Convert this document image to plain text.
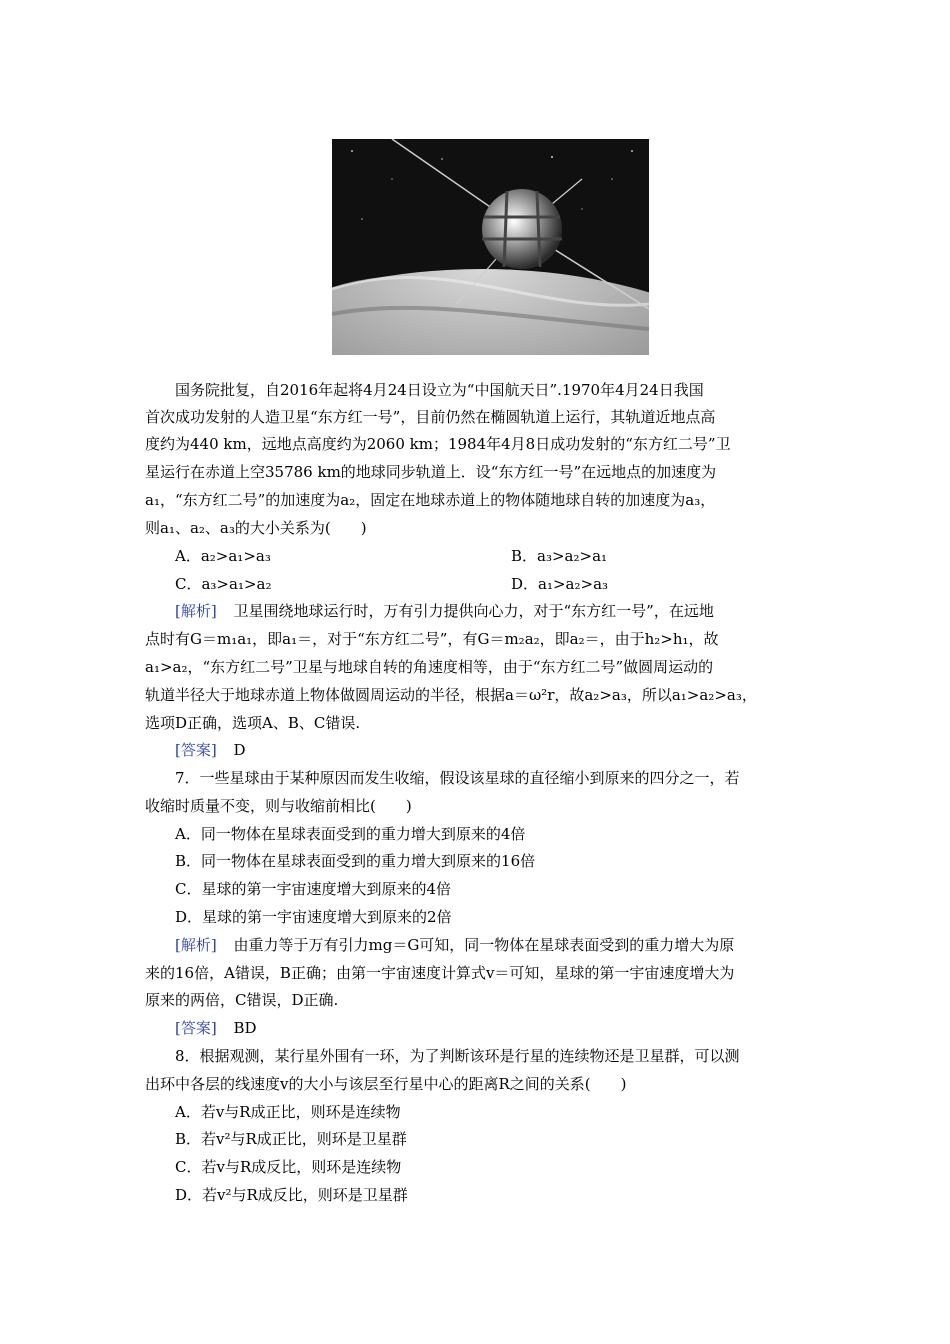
国务院批复，自2016年起将4月24日设立为“中国航天日”.1970年4月24日我国
首次成功发射的人造卫星“东方红一号”，目前仍然在椭圆轨道上运行，其轨道近地点高
度约为440 km，远地点高度约为2060 km；1984年4月8日成功发射的“东方红二号”卫
星运行在赤道上空35786 km的地球同步轨道上．设“东方红一号”在远地点的加速度为
a₁，“东方红二号”的加速度为a₂，固定在地球赤道上的物体随地球自转的加速度为a₃，
则a₁、a₂、a₃的大小关系为(　　)
A．a₂>a₁>a₃	B．a₃>a₂>a₁
C．a₃>a₁>a₂	D．a₁>a₂>a₃
[解析] 卫星围绕地球运行时，万有引力提供向心力，对于“东方红一号”，在远地
点时有G＝m₁a₁，即a₁＝，对于“东方红二号”，有G＝m₂a₂，即a₂＝，由于h₂>h₁，故
a₁>a₂，“东方红二号”卫星与地球自转的角速度相等，由于“东方红二号”做圆周运动的
轨道半径大于地球赤道上物体做圆周运动的半径，根据a＝ω²r，故a₂>a₃，所以a₁>a₂>a₃，
选项D正确，选项A、B、C错误.
[答案] D
7．一些星球由于某种原因而发生收缩，假设该星球的直径缩小到原来的四分之一，若
收缩时质量不变，则与收缩前相比(　　)
A．同一物体在星球表面受到的重力增大到原来的4倍
B．同一物体在星球表面受到的重力增大到原来的16倍
C．星球的第一宇宙速度增大到原来的4倍
D．星球的第一宇宙速度增大到原来的2倍
[解析] 由重力等于万有引力mg＝G可知，同一物体在星球表面受到的重力增大为原
来的16倍，A错误，B正确；由第一宇宙速度计算式v＝可知，星球的第一宇宙速度增大为
原来的两倍，C错误，D正确.
[答案] BD
8．根据观测，某行星外围有一环，为了判断该环是行星的连续物还是卫星群，可以测
出环中各层的线速度v的大小与该层至行星中心的距离R之间的关系(　　)
A．若v与R成正比，则环是连续物
B．若v²与R成正比，则环是卫星群
C．若v与R成反比，则环是连续物
D．若v²与R成反比，则环是卫星群
